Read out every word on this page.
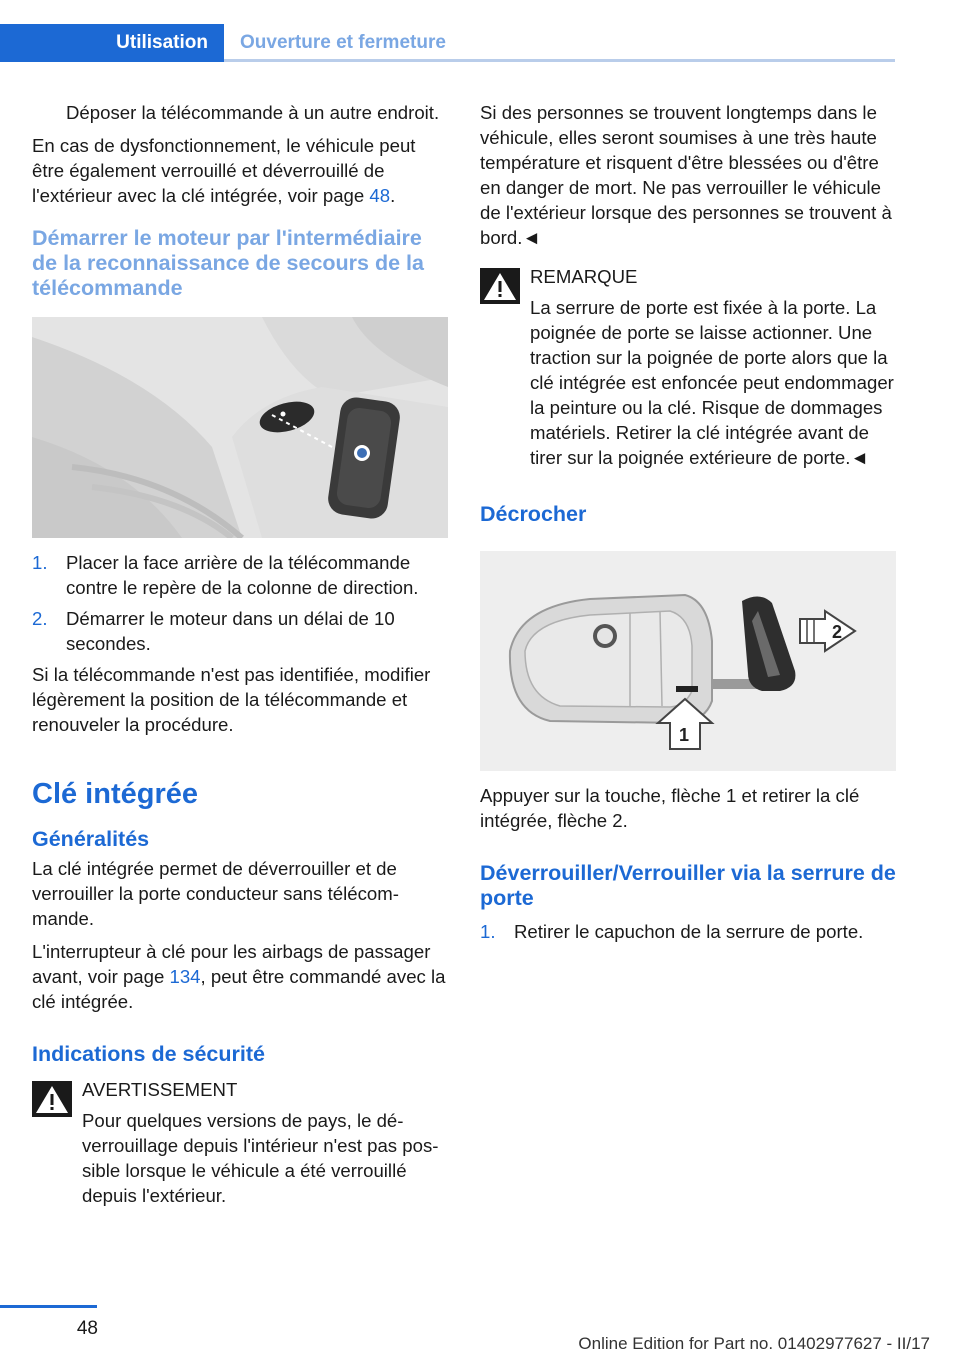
Utilisation	Ouverture et fermeture

Déposer la télécommande à un autre endroit.

En cas de dysfonctionnement, le véhicule peut être également verrouillé et déverrouillé de l'extérieur avec la clé intégrée, voir page 48.

Démarrer le moteur par l'intermédiaire de la reconnaissance de secours de la télécommande
1. Placer la face arrière de la télécommande contre le repère de la colonne de direction.
2. Démarrer le moteur dans un délai de 10 secondes.

Si la télécommande n'est pas identifiée, modifier légèrement la position de la télécommande et renouveler la procédure.

Clé intégrée
Généralités

La clé intégrée permet de déverrouiller et de verrouiller la porte conducteur sans télécommande.

L'interrupteur à clé pour les airbags de passager avant, voir page 134, peut être commandé avec la clé intégrée.

Indications de sécurité
AVERTISSEMENT

Pour quelques versions de pays, le déverrouillage depuis l'intérieur n'est pas possible lorsque le véhicule a été verrouillé depuis l'extérieur.

Si des personnes se trouvent longtemps dans le véhicule, elles seront soumises à une très haute température et risquent d'être blessées ou d'être en danger de mort. Ne pas verrouiller le véhicule de l'extérieur lorsque des personnes se trouvent à bord.◄

REMARQUE

La serrure de porte est fixée à la porte. La poignée de porte se laisse actionner. Une traction sur la poignée de porte alors que la clé intégrée est enfoncée peut endommager la peinture ou la clé. Risque de dommages matériels. Retirer la clé intégrée avant de tirer sur la poignée extérieure de porte.◄

Décrocher
2
1

Appuyer sur la touche, flèche 1 et retirer la clé intégrée, flèche 2.

Déverrouiller/Verrouiller via la serrure de porte
1. Retirer le capuchon de la serrure de porte.
48
Online Edition for Part no. 01402977627 - II/17
